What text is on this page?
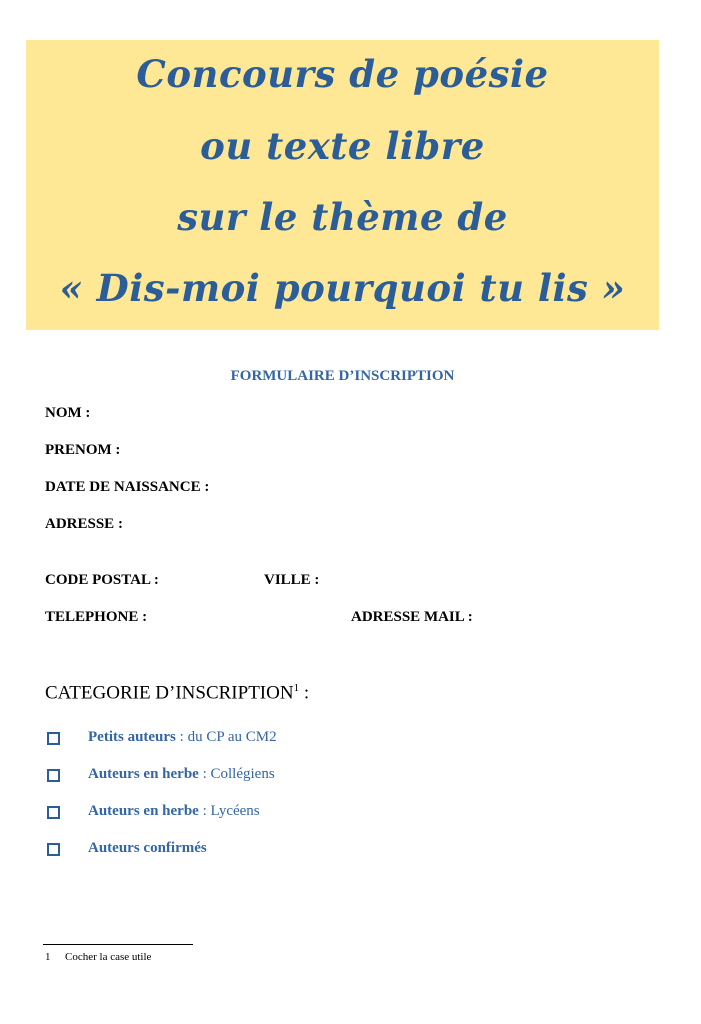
Concours de poésie
ou texte libre
sur le thème de
« Dis-moi pourquoi tu lis »
FORMULAIRE D’INSCRIPTION
NOM :
PRENOM :
DATE DE NAISSANCE :
ADRESSE :
CODE POSTAL :	VILLE :
TELEPHONE :	ADRESSE MAIL :
CATEGORIE D’INSCRIPTION$^1$ :
Petits auteurs : du CP au CM2
Auteurs en herbe : Collégiens
Auteurs en herbe : Lycéens
Auteurs confirmés
1 Cocher la case utile
